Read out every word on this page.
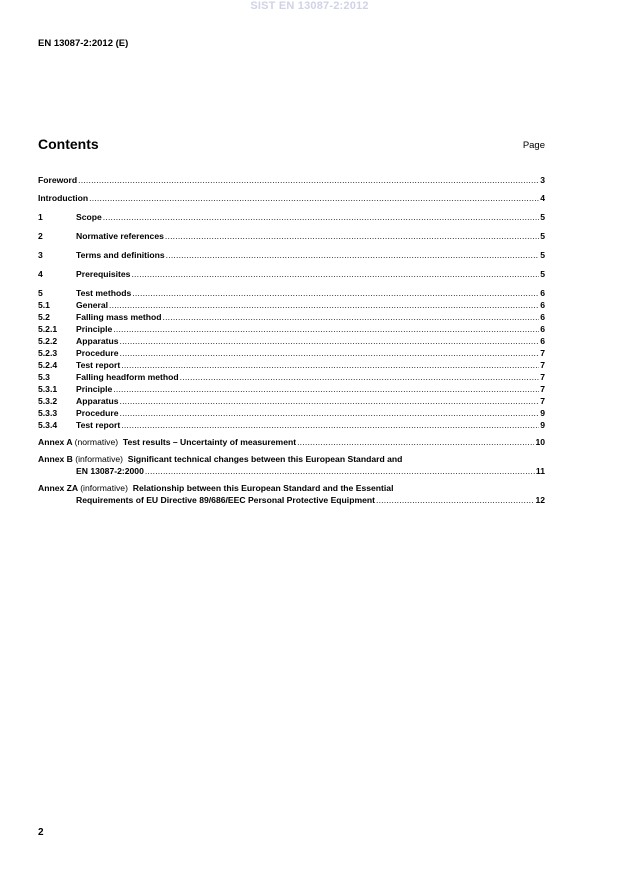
SIST EN 13087-2:2012
EN 13087-2:2012 (E)
Contents	Page
Foreword .....	3
Introduction .....	4
1	Scope .....	5
2	Normative references .....	5
3	Terms and definitions .....	5
4	Prerequisites .....	5
5	Test methods .....	6
5.1	General .....	6
5.2	Falling mass method .....	6
5.2.1	Principle .....	6
5.2.2	Apparatus .....	6
5.2.3	Procedure .....	7
5.2.4	Test report .....	7
5.3	Falling headform method .....	7
5.3.1	Principle .....	7
5.3.2	Apparatus .....	7
5.3.3	Procedure .....	9
5.3.4	Test report .....	9
Annex A (normative) Test results – Uncertainty of measurement .....	10
Annex B (informative) Significant technical changes between this European Standard and
EN 13087-2:2000 .....	11
Annex ZA (informative) Relationship between this European Standard and the Essential
Requirements of EU Directive 89/686/EEC Personal Protective Equipment .....	12
2
